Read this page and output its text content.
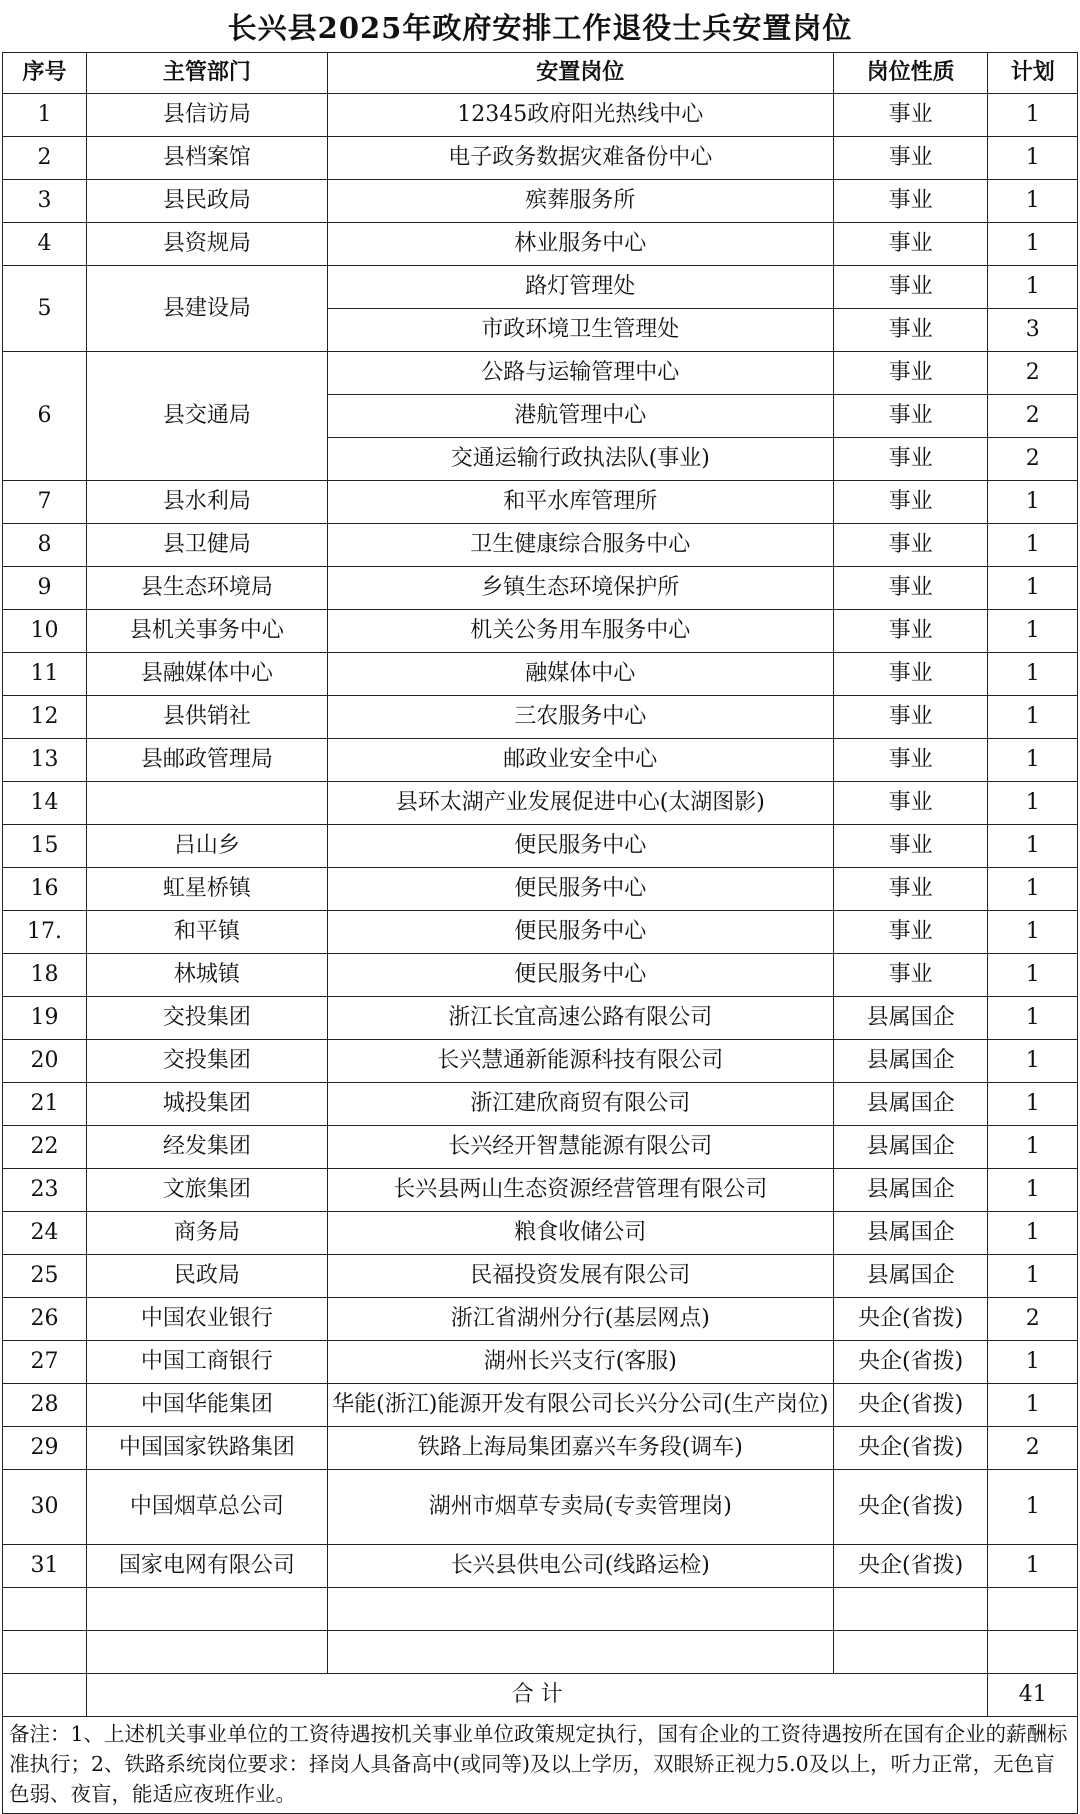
长兴县2025年政府安排工作退役士兵安置岗位
序号	主管部门	安置岗位	岗位性质	计划
1	县信访局	12345政府阳光热线中心	事业	1
2	县档案馆	电子政务数据灾难备份中心	事业	1
3	县民政局	殡葬服务所	事业	1
4	县资规局	林业服务中心	事业	1
5	县建设局	路灯管理处	事业	1
		市政环境卫生管理处	事业	3
6	县交通局	公路与运输管理中心	事业	2
		港航管理中心	事业	2
		交通运输行政执法队(事业)	事业	2
7	县水利局	和平水库管理所	事业	1
8	县卫健局	卫生健康综合服务中心	事业	1
9	县生态环境局	乡镇生态环境保护所	事业	1
10	县机关事务中心	机关公务用车服务中心	事业	1
11	县融媒体中心	融媒体中心	事业	1
12	县供销社	三农服务中心	事业	1
13	县邮政管理局	邮政业安全中心	事业	1
14		县环太湖产业发展促进中心(太湖图影)	事业	1
15	吕山乡	便民服务中心	事业	1
16	虹星桥镇	便民服务中心	事业	1
17.	和平镇	便民服务中心	事业	1
18	林城镇	便民服务中心	事业	1
19	交投集团	浙江长宜高速公路有限公司	县属国企	1
20	交投集团	长兴慧通新能源科技有限公司	县属国企	1
21	城投集团	浙江建欣商贸有限公司	县属国企	1
22	经发集团	长兴经开智慧能源有限公司	县属国企	1
23	文旅集团	长兴县两山生态资源经营管理有限公司	县属国企	1
24	商务局	粮食收储公司	县属国企	1
25	民政局	民福投资发展有限公司	县属国企	1
26	中国农业银行	浙江省湖州分行(基层网点)	央企(省拨)	2
27	中国工商银行	湖州长兴支行(客服)	央企(省拨)	1
28	中国华能集团	华能(浙江)能源开发有限公司长兴分公司(生产岗位)	央企(省拨)	1
29	中国国家铁路集团	铁路上海局集团嘉兴车务段(调车)	央企(省拨)	2
30	中国烟草总公司	湖州市烟草专卖局(专卖管理岗)	央企(省拨)	1
31	国家电网有限公司	长兴县供电公司(线路运检)	央企(省拨)	1

	合 计			41
备注：1、上述机关事业单位的工资待遇按机关事业单位政策规定执行，国有企业的工资待遇按所在国有企业的薪酬标准执行；2、铁路系统岗位要求：择岗人具备高中(或同等)及以上学历，双眼矫正视力5.0及以上，听力正常，无色盲色弱、夜盲，能适应夜班作业。				
